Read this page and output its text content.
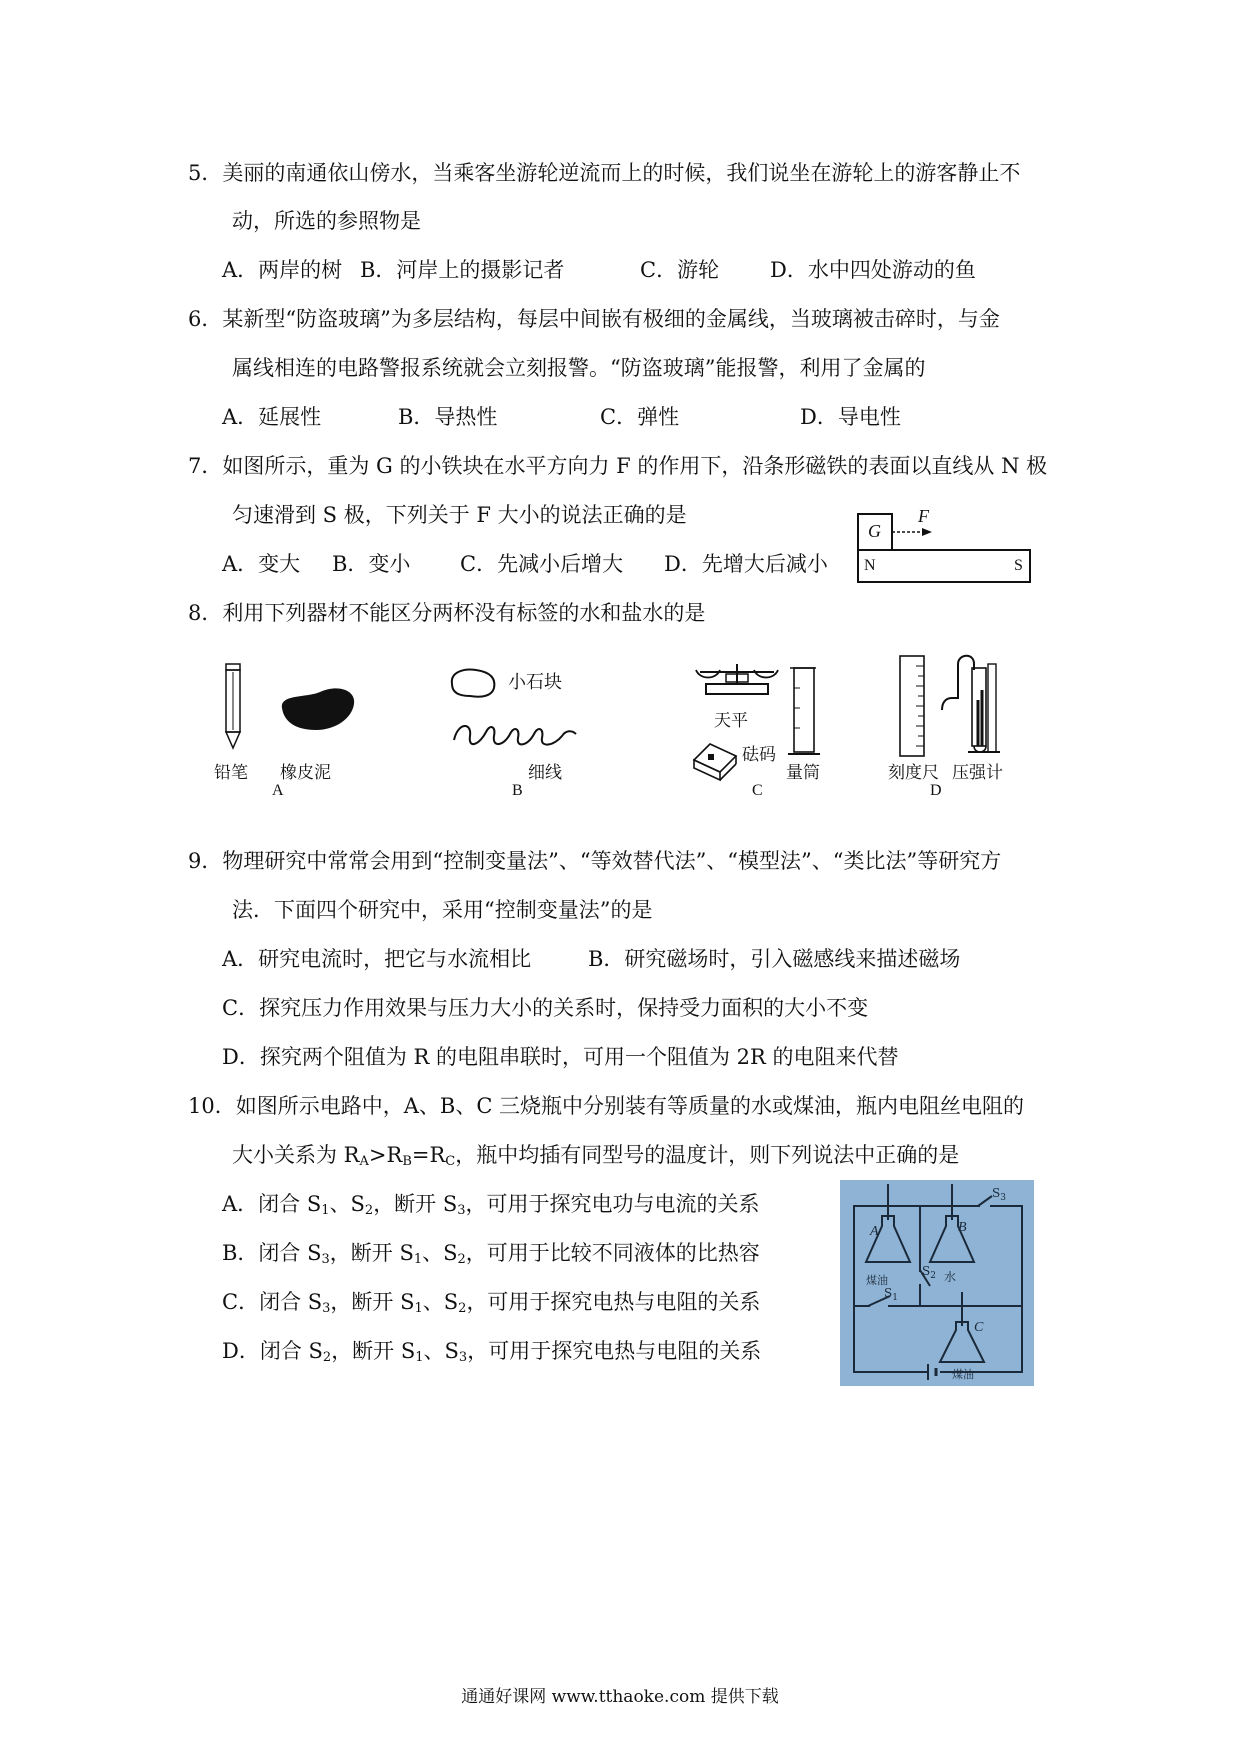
5．美丽的南通依山傍水，当乘客坐游轮逆流而上的时候，我们说坐在游轮上的游客静止不
动，所选的参照物是
A．两岸的树 B．河岸上的摄影记者	C．游轮 D．水中四处游动的鱼
6．某新型“防盗玻璃”为多层结构，每层中间嵌有极细的金属线，当玻璃被击碎时，与金
属线相连的电路警报系统就会立刻报警。“防盗玻璃”能报警，利用了金属的
A．延展性	B．导热性	C．弹性	D．导电性
7．如图所示，重为 G 的小铁块在水平方向力 F 的作用下，沿条形磁铁的表面以直线从 N 极
匀速滑到 S 极，下列关于 F 大小的说法正确的是
A．变大 B．变小 C．先减小后增大 D．先增大后减小
G
F
N	S
8．利用下列器材不能区分两杯没有标签的水和盐水的是
铅笔 橡皮泥
A
小石块
细线
B
天平
砝码
量筒
C
刻度尺 压强计
D
9．物理研究中常常会用到“控制变量法”、“等效替代法”、“模型法”、“类比法”等研究方
法．下面四个研究中，采用“控制变量法”的是
A．研究电流时，把它与水流相比	B．研究磁场时，引入磁感线来描述磁场
C．探究压力作用效果与压力大小的关系时，保持受力面积的大小不变
D．探究两个阻值为 R 的电阻串联时，可用一个阻值为 2R 的电阻来代替
10．如图所示电路中，A、B、C 三烧瓶中分别装有等质量的水或煤油，瓶内电阻丝电阻的
大小关系为 $R_A>R_B=R_C$，瓶中均插有同型号的温度计，则下列说法中正确的是
A．闭合 $S_1$、$S_2$，断开 $S_3$，可用于探究电功与电流的关系
B．闭合 $S_3$，断开 $S_1$、$S_2$，可用于比较不同液体的比热容
C．闭合 $S_3$，断开 $S_1$、$S_2$，可用于探究电热与电阻的关系
D．闭合 $S_2$，断开 $S_1$、$S_3$，可用于探究电热与电阻的关系
A	B
C
煤油	水
煤油
$S_3$
$S_1$
$S_2$
通通好课网 www.tthaoke.com 提供下载
